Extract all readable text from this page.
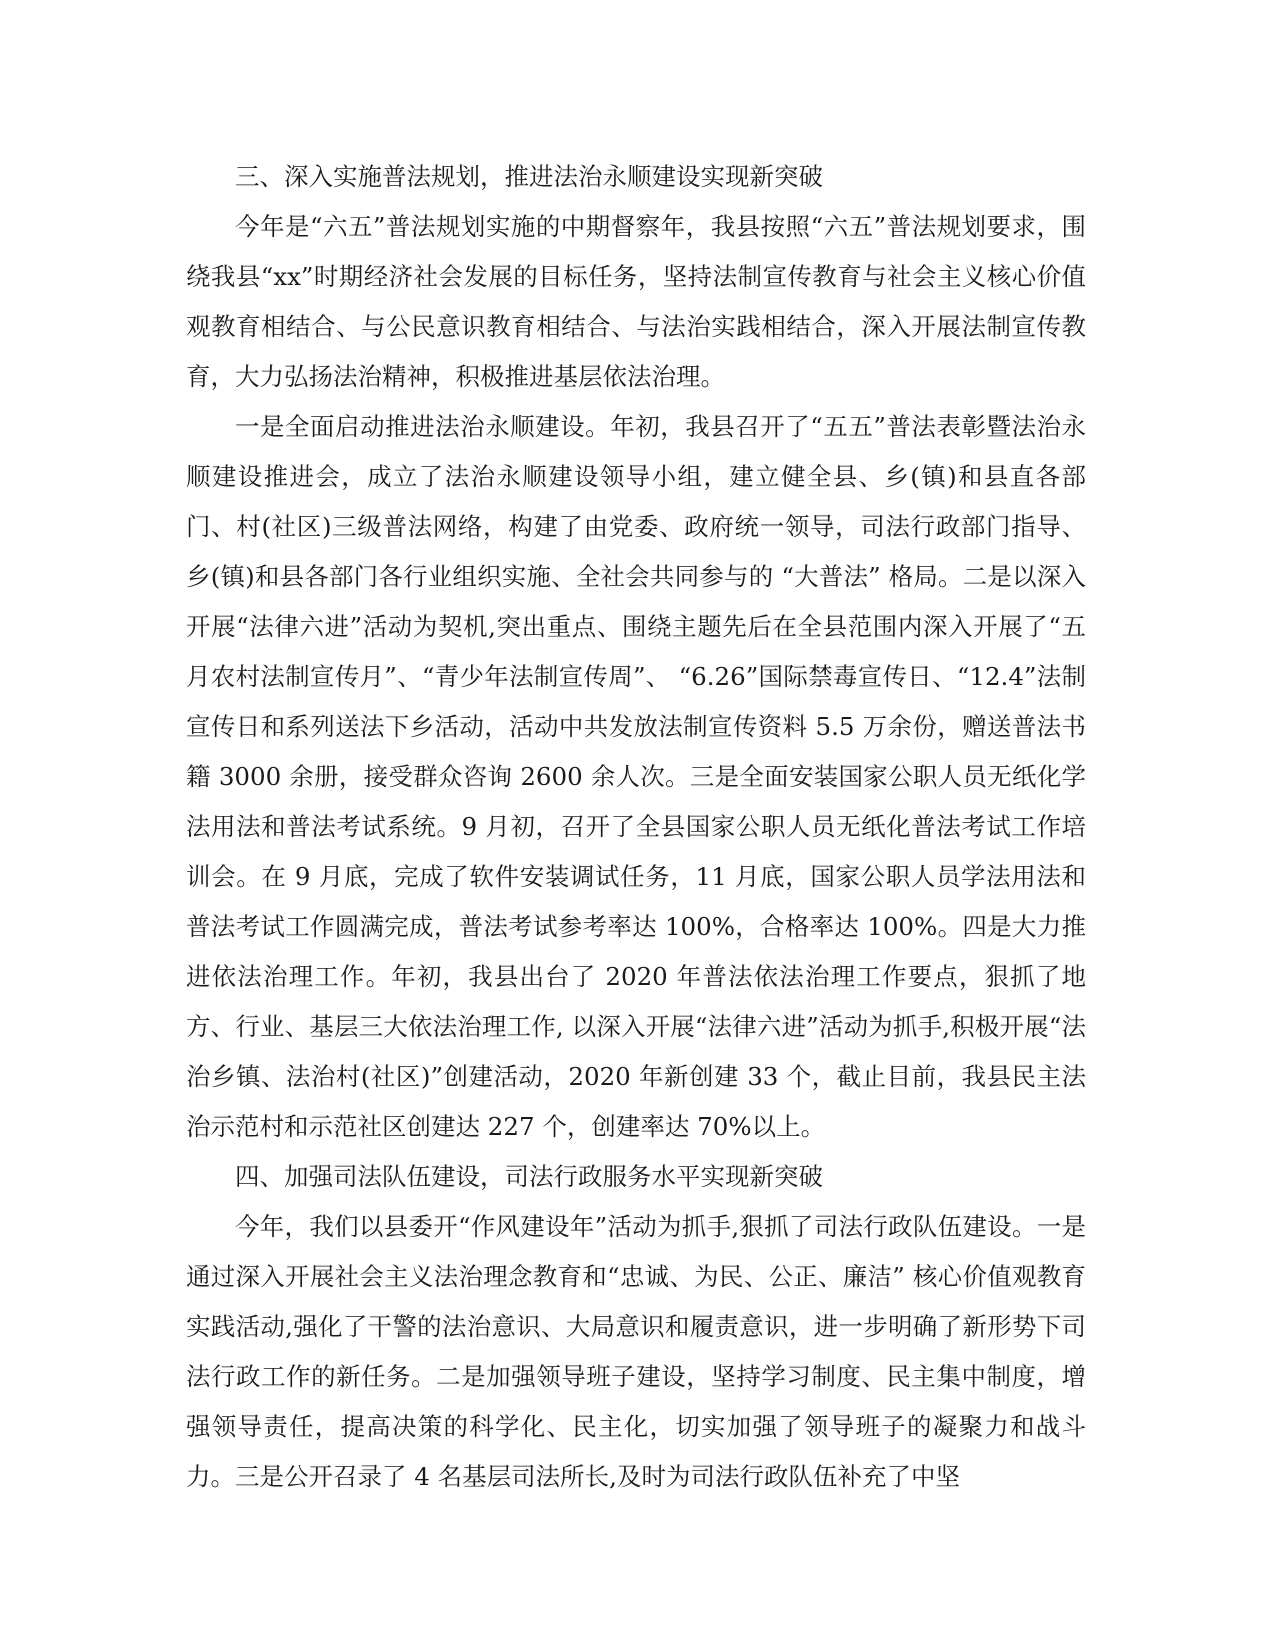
三、深入实施普法规划，推进法治永顺建设实现新突破

今年是“六五”普法规划实施的中期督察年，我县按照“六五”普法规划要求，围绕我县“xx”时期经济社会发展的目标任务，坚持法制宣传教育与社会主义核心价值观教育相结合、与公民意识教育相结合、与法治实践相结合，深入开展法制宣传教育，大力弘扬法治精神，积极推进基层依法治理。

一是全面启动推进法治永顺建设。年初，我县召开了“五五”普法表彰暨法治永顺建设推进会，成立了法治永顺建设领导小组，建立健全县、乡(镇)和县直各部门、村(社区)三级普法网络，构建了由党委、政府统一领导，司法行政部门指导、乡(镇)和县各部门各行业组织实施、全社会共同参与的 “大普法” 格局。二是以深入开展“法律六进”活动为契机,突出重点、围绕主题先后在全县范围内深入开展了“五月农村法制宣传月”、“青少年法制宣传周”、 “6.26”国际禁毒宣传日、“12.4”法制宣传日和系列送法下乡活动，活动中共发放法制宣传资料 5.5 万余份，赠送普法书籍 3000 余册，接受群众咨询 2600 余人次。三是全面安装国家公职人员无纸化学法用法和普法考试系统。9 月初，召开了全县国家公职人员无纸化普法考试工作培训会。在 9 月底，完成了软件安装调试任务，11 月底，国家公职人员学法用法和普法考试工作圆满完成，普法考试参考率达 100%，合格率达 100%。四是大力推进依法治理工作。年初，我县出台了 2020 年普法依法治理工作要点，狠抓了地方、行业、基层三大依法治理工作, 以深入开展“法律六进”活动为抓手,积极开展“法治乡镇、法治村(社区)”创建活动，2020 年新创建 33 个，截止目前，我县民主法治示范村和示范社区创建达 227 个，创建率达 70%以上。

四、加强司法队伍建设，司法行政服务水平实现新突破

今年，我们以县委开“作风建设年”活动为抓手,狠抓了司法行政队伍建设。一是通过深入开展社会主义法治理念教育和“忠诚、为民、公正、廉洁” 核心价值观教育实践活动,强化了干警的法治意识、大局意识和履责意识，进一步明确了新形势下司法行政工作的新任务。二是加强领导班子建设，坚持学习制度、民主集中制度，增强领导责任，提高决策的科学化、民主化，切实加强了领导班子的凝聚力和战斗力。三是公开召录了 4 名基层司法所长,及时为司法行政队伍补充了中坚
